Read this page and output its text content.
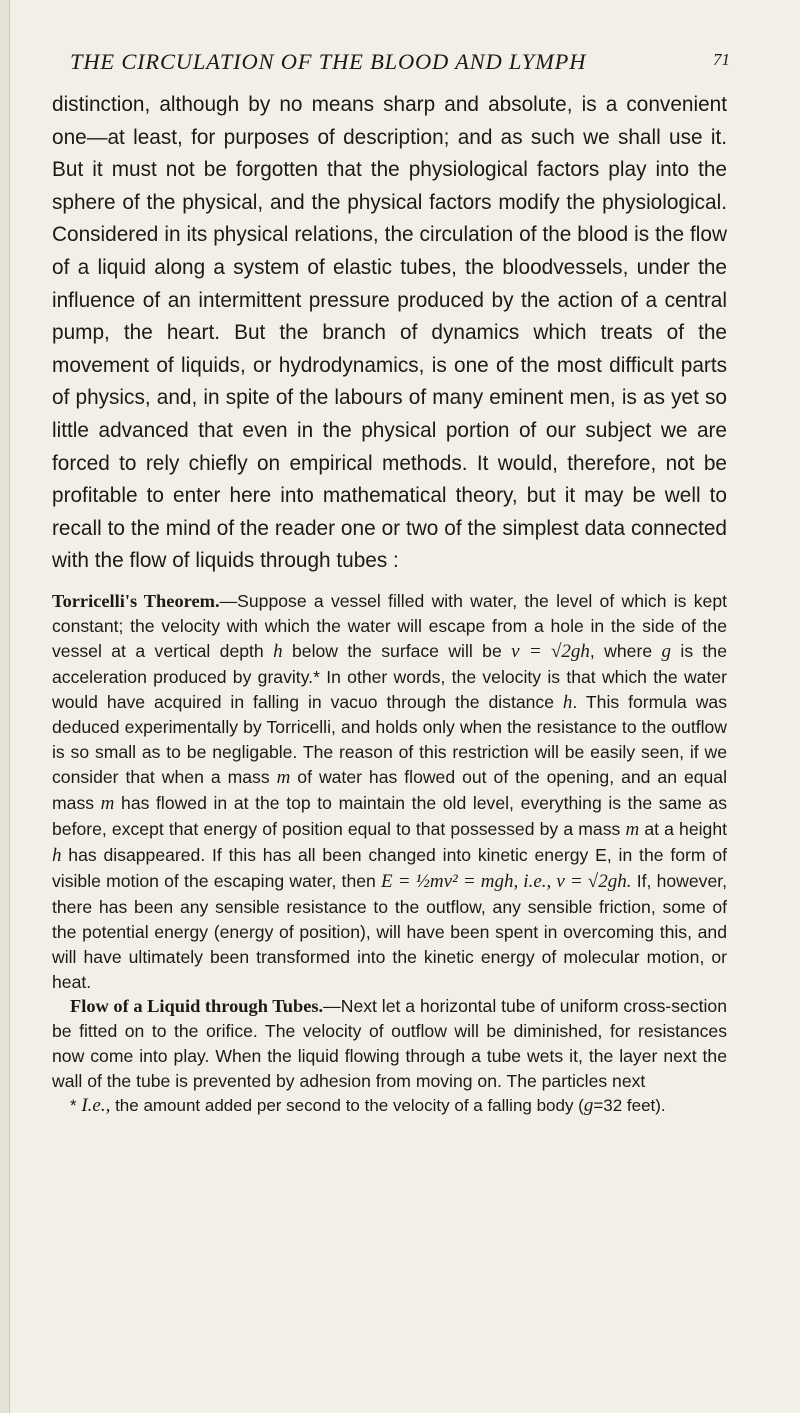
THE CIRCULATION OF THE BLOOD AND LYMPH	71

distinction, although by no means sharp and absolute, is a convenient one—at least, for purposes of description; and as such we shall use it. But it must not be forgotten that the physiological factors play into the sphere of the physical, and the physical factors modify the physiological. Considered in its physical relations, the circulation of the blood is the flow of a liquid along a system of elastic tubes, the bloodvessels, under the influence of an intermittent pressure produced by the action of a central pump, the heart. But the branch of dynamics which treats of the movement of liquids, or hydrodynamics, is one of the most difficult parts of physics, and, in spite of the labours of many eminent men, is as yet so little advanced that even in the physical portion of our subject we are forced to rely chiefly on empirical methods. It would, therefore, not be profitable to enter here into mathematical theory, but it may be well to recall to the mind of the reader one or two of the simplest data connected with the flow of liquids through tubes :

Torricelli's Theorem.—Suppose a vessel filled with water, the level of which is kept constant; the velocity with which the water will escape from a hole in the side of the vessel at a vertical depth h below the surface will be v = √2gh, where g is the acceleration produced by gravity.* In other words, the velocity is that which the water would have acquired in falling in vacuo through the distance h. This formula was deduced experimentally by Torricelli, and holds only when the resistance to the outflow is so small as to be negligable. The reason of this restriction will be easily seen, if we consider that when a mass m of water has flowed out of the opening, and an equal mass m has flowed in at the top to maintain the old level, everything is the same as before, except that energy of position equal to that possessed by a mass m at a height h has disappeared. If this has all been changed into kinetic energy E, in the form of visible motion of the escaping water, then E = ½mv² = mgh, i.e., v = √2gh. If, however, there has been any sensible resistance to the outflow, any sensible friction, some of the potential energy (energy of position), will have been spent in overcoming this, and will have ultimately been transformed into the kinetic energy of molecular motion, or heat.

Flow of a Liquid through Tubes.—Next let a horizontal tube of uniform cross-section be fitted on to the orifice. The velocity of outflow will be diminished, for resistances now come into play. When the liquid flowing through a tube wets it, the layer next the wall of the tube is prevented by adhesion from moving on. The particles next

* I.e., the amount added per second to the velocity of a falling body (g=32 feet).
